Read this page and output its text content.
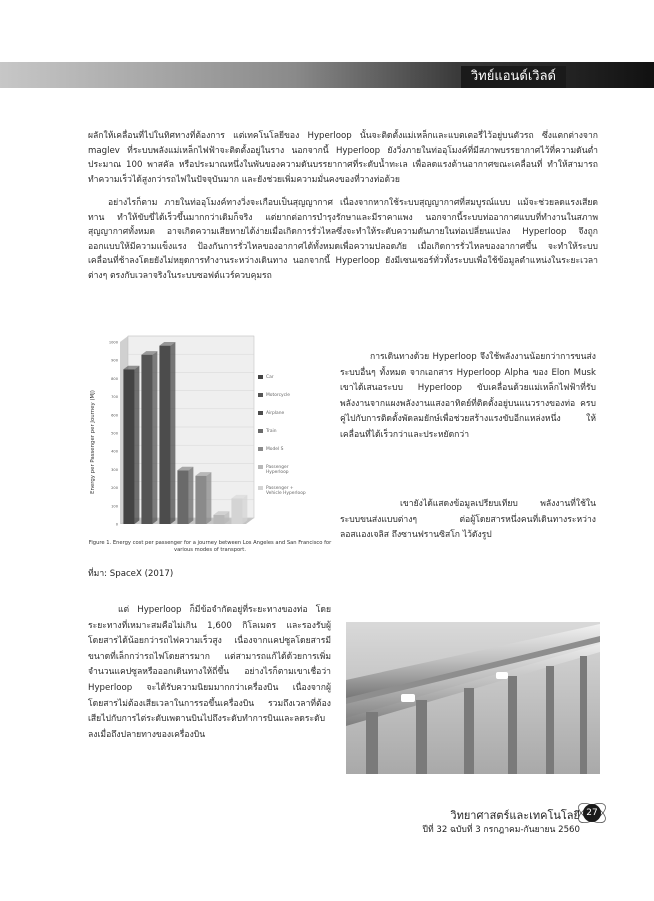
วิทย์แอนด์เวิลด์

ผลักให้เคลื่อนที่ไปในทิศทางที่ต้องการ แต่เทคโนโลยีของ Hyperloop นั้นจะติดตั้งแม่เหล็กและแบตเตอรี่ไว้อยู่บนตัวรถ ซึ่งแตกต่างจาก maglev ที่ระบบพลังแม่เหล็กไฟฟ้าจะติดตั้งอยู่ในราง นอกจากนี้ Hyperloop ยังวิ่งภายในท่ออุโมงค์ที่มีสภาพบรรยากาศไว้ที่ความดันต่ำประมาณ 100 พาสคัล หรือประมาณหนึ่งในพันของความดันบรรยากาศที่ระดับน้ำทะเล เพื่อลดแรงต้านอากาศขณะเคลื่อนที่ ทำให้สามารถทำความเร็วได้สูงกว่ารถไฟในปัจจุบันมาก และยังช่วยเพิ่มความมั่นคงของที่วางท่อด้วย

อย่างไรก็ตาม ภายในท่ออุโมงค์ทางวิ่งจะเกือบเป็นสุญญากาศ เนื่องจากหากใช้ระบบสุญญากาศที่สมบูรณ์แบบ แม้จะช่วยลดแรงเสียดทาน ทำให้ขับขี่ได้เร็วขึ้นมากกว่าเดิมก็จริง แต่ยากต่อการบำรุงรักษาและมีราคาแพง นอกจากนี้ระบบท่ออากาศแบบที่ทำงานในสภาพสุญญากาศทั้งหมด อาจเกิดความเสียหายได้ง่ายเมื่อเกิดการรั่วไหลซึ่งจะทำให้ระดับความดันภายในท่อเปลี่ยนแปลง Hyperloop จึงถูกออกแบบให้มีความแข็งแรง ป้องกันการรั่วไหลของอากาศได้ทั้งหมดเพื่อความปลอดภัย เมื่อเกิดการรั่วไหลของอากาศขึ้น จะทำให้ระบบเคลื่อนที่ช้าลงโดยยังไม่หยุดการทำงานระหว่างเดินทาง นอกจากนี้ Hyperloop ยังมีเซนเซอร์ทั่วทั้งระบบเพื่อใช้ข้อมูลตำแหน่งในระยะเวลาต่างๆ ตรงกับเวลาจริงในระบบซอฟต์แวร์ควบคุมรถ

0
100
200
300
400
500
600
700
800
900
1000
Energy per Passenger per Journey (MJ)
Car
Motorcycle
Airplane
Train
Model S
Passenger
Hyperloop
Passenger +
Vehicle Hyperloop
Figure 1. Energy cost per passenger for a journey between Los Angeles and San Francisco for various modes of transport.
ที่มา: SpaceX (2017)

การเดินทางด้วย Hyperloop จึงใช้พลังงานน้อยกว่าการขนส่งระบบอื่นๆ ทั้งหมด จากเอกสาร Hyperloop Alpha ของ Elon Musk เขาได้เสนอระบบ Hyperloop ขับเคลื่อนด้วยแม่เหล็กไฟฟ้าที่รับพลังงานจากแผงพลังงานแสงอาทิตย์ที่ติดตั้งอยู่บนแนวรางของท่อ ครบคู่ไปกับการติดตั้งพัดลมยักษ์เพื่อช่วยสร้างแรงขับอีกแหล่งหนึ่ง ให้เคลื่อนที่ได้เร็วกว่าและประหยัดกว่า

เขายังได้แสดงข้อมูลเปรียบเทียบ พลังงานที่ใช้ในระบบขนส่งแบบต่างๆ ต่อผู้โดยสารหนึ่งคนที่เดินทางระหว่างลอสแองเจลิส ถึงซานฟรานซิสโก ไว้ดังรูป

แต่ Hyperloop ก็มีข้อจำกัดอยู่ที่ระยะทางของท่อ โดยระยะทางที่เหมาะสมคือไม่เกิน 1,600 กิโลเมตร และรองรับผู้โดยสารได้น้อยกว่ารถไฟความเร็วสูง เนื่องจากแคปซูลโดยสารมีขนาดที่เล็กกว่ารถไฟโดยสารมาก แต่สามารถแก้ได้ด้วยการเพิ่มจำนวนแคปซูลหรือออกเดินทางให้ถี่ขึ้น อย่างไรก็ตามเขาเชื่อว่า Hyperloop จะได้รับความนิยมมากกว่าเครื่องบิน เนื่องจากผู้โดยสารไม่ต้องเสียเวลาในการรอขึ้นเครื่องบิน รวมถึงเวลาที่ต้องเสียไปกับการไต่ระดับเพดานบินไปถึงระดับทำการบินและลดระดับลงเมื่อถึงปลายทางของเครื่องบิน

วิทยาศาสตร์และเทคโนโลยี
ปีที่ 32 ฉบับที่ 3 กรกฎาคม-กันยายน 2560
27
